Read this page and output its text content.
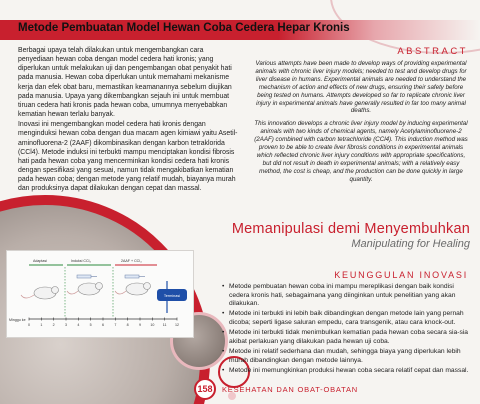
Metode Pembuatan Model Hewan Coba Cedera Hepar Kronis

Berbagai upaya telah dilakukan untuk mengembangkan cara penyediaan hewan coba dengan model cedera hati kronis; yang diperlukan untuk melakukan uji dan pengembangan obat penyakit hati pada manusia. Hewan coba diperlukan untuk memahami mekanisme kerja dan efek obat baru, memastikan keamanannya sebelum diujikan pada manusia. Upaya yang dikembangkan sejauh ini untuk membuat tiruan cedera hati kronis pada hewan coba, umumnya menyebabkan kematian hewan terlalu banyak.

Inovasi ini mengembangkan model cedera hati kronis dengan menginduksi hewan coba dengan dua macam agen kimiawi yaitu Asetil-aminofluorena-2 (2AAF) dikombinasikan dengan karbon tetraklorida (CCl4). Metode induksi ini terbukti mampu menciptakan kondisi fibrosis hati pada hewan coba yang mencerminkan kondisi cedera hati kronis dengan spesifikasi yang sesuai, namun tidak mengakibatkan kematian pada hewan coba; dengan metode yang relatif mudah, biayanya murah dan produksinya dapat dilakukan dengan cepat dan massal.

ABSTRACT

Various attempts have been made to develop ways of providing experimental animals with chronic liver injury models; needed to test and develop drugs for liver disease in humans. Experimental animals are needed to understand the mechanism of action and effects of new drugs, ensuring their safety before being tested on humans. Attempts developed so far to replicate chronic liver injury in experimental animals have generally resulted in far too many animal deaths.

This innovation develops a chronic liver injury model by inducing experimental animals with two kinds of chemical agents, namely Acetylaminofluorene-2 (2AAF) combined with carbon tetrachloride (CCl4). This induction method was proven to be able to create liver fibrosis conditions in experimental animals which reflected chronic liver injury conditions with appropriate specifications, but did not result in death in experimental animals; with a relatively easy method, the cost is cheap, and the production can be done quickly in large quantity.

Memanipulasi demi Menyembuhkan
Manipulating for Healing
KEUNGGULAN INOVASI
• Metode pembuatan hewan coba ini mampu mereplikasi dengan baik kondisi cedera kronis hati, sebagaimana yang diinginkan untuk penelitian yang akan dilakukan.
• Metode ini terbukti ini lebih baik dibandingkan dengan metode lain yang pernah dicoba; seperti ligase saluran empedu, cara transgenik, atau cara knock-out.
• Metode ini terbukti tidak menimbulkan kematian pada hewan coba secara sia-sia akibat perlakuan yang dilakukan pada hewan uji coba.
• Metode ini relatif sederhana dan mudah, sehingga biaya yang diperlukan lebih murah dibandingkan dengan metode lainnya.
• Metode ini memungkinkan produksi hewan coba secara relatif cepat dan massal.
Adaptasi	Induksi CCl₄	2AAF + CCl₄
Terminasi
Minggu ke
0	1	2	3	4	5	6	7	8	9	10 11 12
158	KESEHATAN DAN OBAT-OBATAN
